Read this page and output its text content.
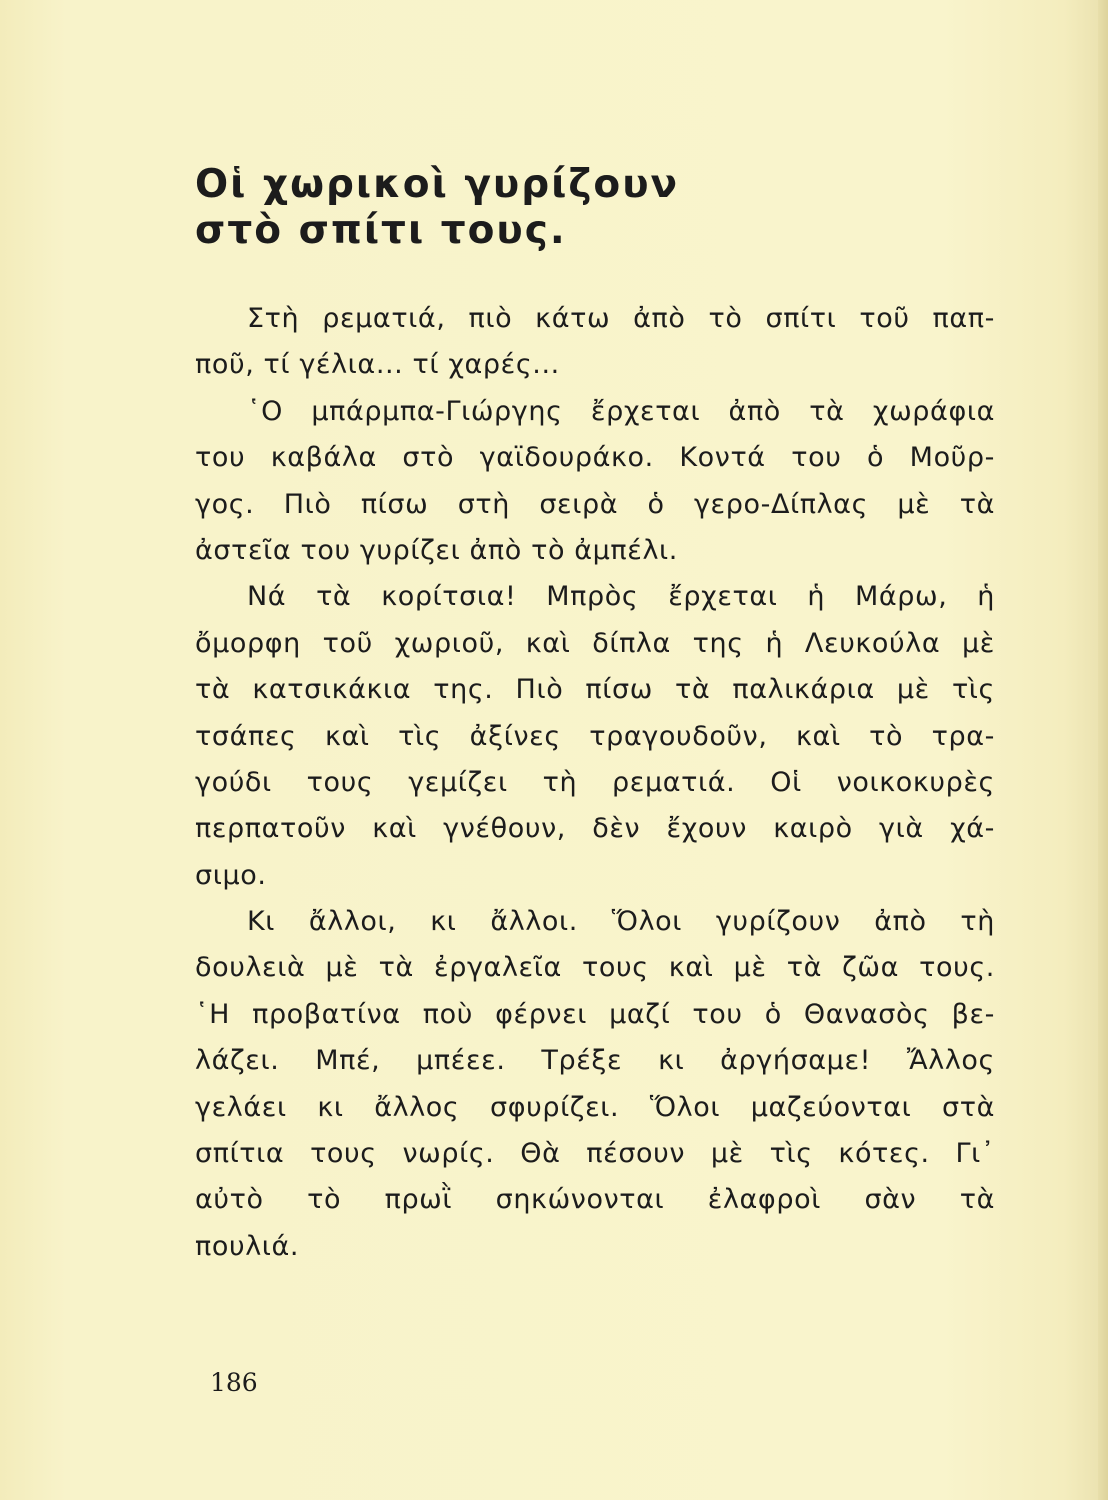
Οἱ χωρικοὶ γυρίζουν
στὸ σπίτι τους.
Στὴ ρεματιά, πιὸ κάτω ἀπὸ τὸ σπίτι τοῦ παπ-
ποῦ, τί γέλια... τί χαρές...
῾Ο μπάρμπα-Γιώργης ἔρχεται ἀπὸ τὰ χωράφια
του καβάλα στὸ γαϊδουράκο. Κοντά του ὁ Μοῦρ-
γος. Πιὸ πίσω στὴ σειρὰ ὁ γερο-Δίπλας μὲ τὰ
ἀστεῖα του γυρίζει ἀπὸ τὸ ἀμπέλι.
Νά τὰ κορίτσια! Μπρὸς ἔρχεται ἡ Μάρω, ἡ
ὄμορφη τοῦ χωριοῦ, καὶ δίπλα της ἡ Λευκούλα μὲ
τὰ κατσικάκια της. Πιὸ πίσω τὰ παλικάρια μὲ τὶς
τσάπες καὶ τὶς ἀξίνες τραγουδοῦν, καὶ τὸ τρα-
γούδι τους γεμίζει τὴ ρεματιά. Οἱ νοικοκυρὲς
περπατοῦν καὶ γνέθουν, δὲν ἔχουν καιρὸ γιὰ χά-
σιμο.
Κι ἄλλοι, κι ἄλλοι. Ὅλοι γυρίζουν ἀπὸ τὴ
δουλειὰ μὲ τὰ ἐργαλεῖα τους καὶ μὲ τὰ ζῶα τους.
῾Η προβατίνα ποὺ φέρνει μαζί του ὁ Θανασὸς βε-
λάζει. Μπέ, μπέεε. Τρέξε κι ἀργήσαμε! Ἄλλος
γελάει κι ἄλλος σφυρίζει. Ὅλοι μαζεύονται στὰ
σπίτια τους νωρίς. Θὰ πέσουν μὲ τὶς κότες. Γι᾿
αὐτὸ τὸ πρωῒ σηκώνονται ἐλαφροὶ σὰν τὰ
πουλιά.
186
